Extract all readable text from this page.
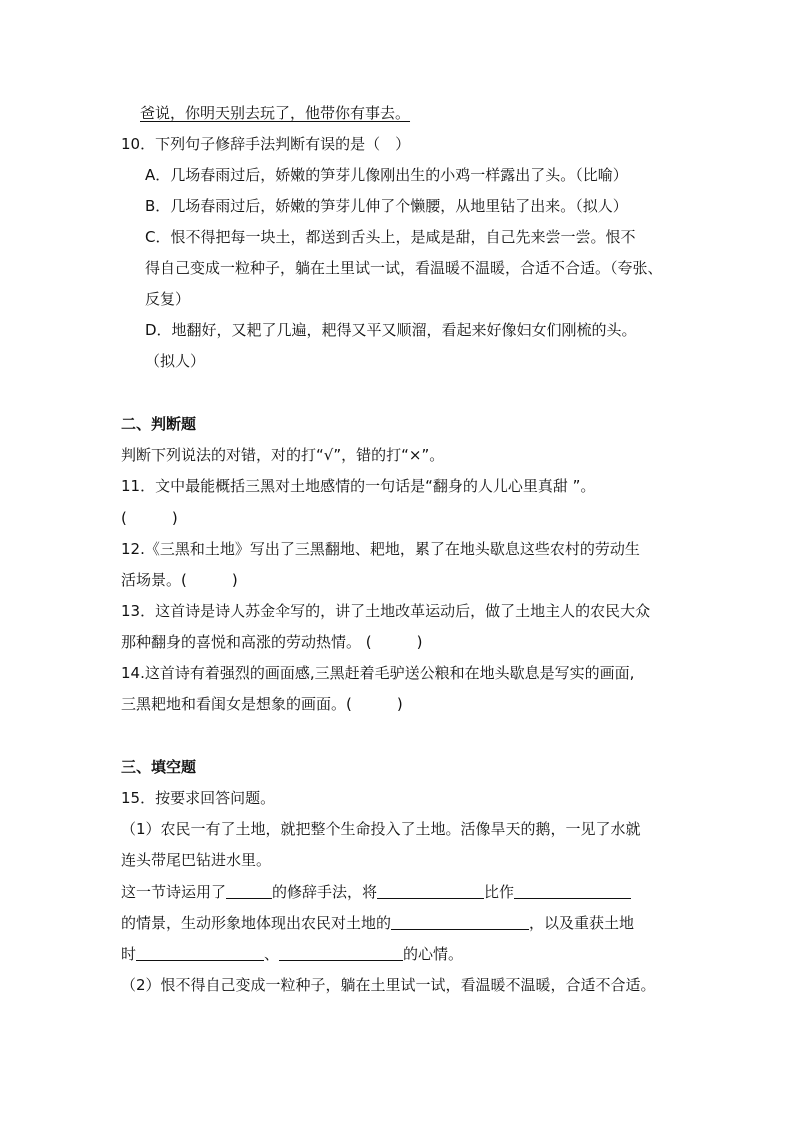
爸说，你明天别去玩了，他带你有事去。
10．下列句子修辞手法判断有误的是（　）
A．几场春雨过后，娇嫩的笋芽儿像刚出生的小鸡一样露出了头。（比喻）
B．几场春雨过后，娇嫩的笋芽儿伸了个懒腰，从地里钻了出来。（拟人）
C．恨不得把每一块土，都送到舌头上，是咸是甜，自己先来尝一尝。恨不
得自己变成一粒种子，躺在土里试一试，看温暖不温暖，合适不合适。（夸张、
反复）
D．地翻好，又耙了几遍，耙得又平又顺溜，看起来好像妇女们刚梳的头。
（拟人）
二、判断题
判断下列说法的对错，对的打“√”，错的打“×”。
11．文中最能概括三黑对土地感情的一句话是“翻身的人儿心里真甜 ”。
(　　　)
12.《三黑和土地》写出了三黑翻地、耙地，累了在地头歇息这些农村的劳动生
活场景。(　　　)
13．这首诗是诗人苏金伞写的，讲了土地改革运动后，做了土地主人的农民大众
那种翻身的喜悦和高涨的劳动热情。 (　　　)
14.这首诗有着强烈的画面感,三黑赶着毛驴送公粮和在地头歇息是写实的画面,
三黑耙地和看闺女是想象的画面。(　　　)
三、填空题
15．按要求回答问题。
（1）农民一有了土地，就把整个生命投入了土地。活像旱天的鹅，一见了水就
连头带尾巴钻进水里。
这一节诗运用了	的修辞手法，将	比作
的情景，生动形象地体现出农民对土地的	，以及重获土地
时	、	的心情。
（2）恨不得自己变成一粒种子，躺在土里试一试，看温暖不温暖，合适不合适。
